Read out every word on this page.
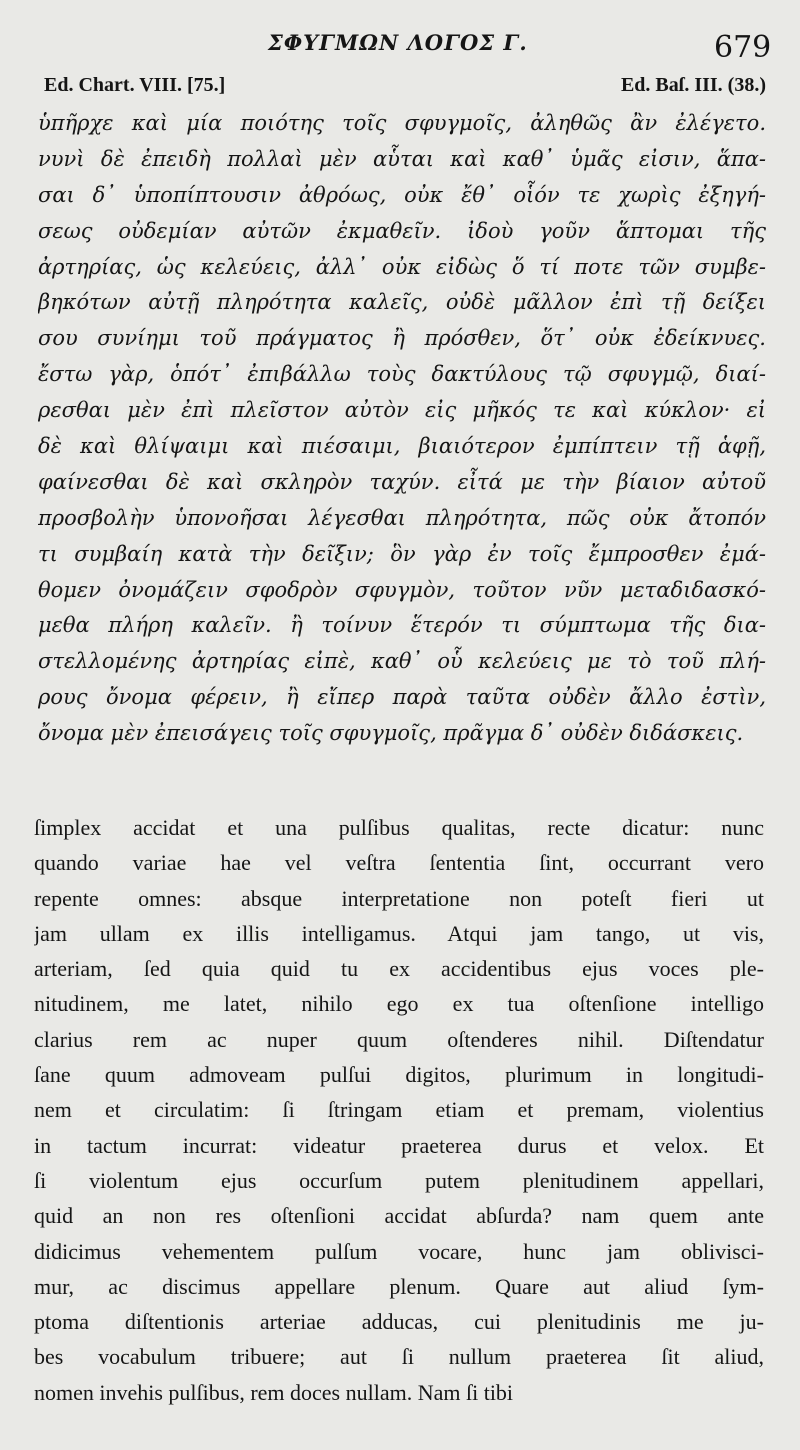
ΣΦΥΓΜΩΝ ΛΟΓΟΣ Γ.	679
Ed. Chart. VIII. [75.]	Ed. Baſ. III. (38.)
ὑπῆρχε καὶ μία ποιότης τοῖς σφυγμοῖς, ἀληθῶς ἂν ἐλέγετο.
νυνὶ δὲ ἐπειδὴ πολλαὶ μὲν αὗται καὶ καθ᾿ ὑμᾶς εἰσιν, ἅπα-
σαι δ᾿ ὑποπίπτουσιν ἀθρόως, οὐκ ἔθ᾿ οἷόν τε χωρὶς ἐξηγή-
σεως οὐδεμίαν αὐτῶν ἐκμαθεῖν. ἰδοὺ γοῦν ἅπτομαι τῆς
ἀρτηρίας, ὡς κελεύεις, ἀλλ᾿ οὐκ εἰδὼς ὅ τί ποτε τῶν συμβε-
βηκότων αὐτῇ πληρότητα καλεῖς, οὐδὲ μᾶλλον ἐπὶ τῇ δείξει
σου συνίημι τοῦ πράγματος ἢ πρόσθεν, ὅτ᾿ οὐκ ἐδείκνυες.
ἔστω γὰρ, ὁπότ᾿ ἐπιβάλλω τοὺς δακτύλους τῷ σφυγμῷ, διαί-
ρεσθαι μὲν ἐπὶ πλεῖστον αὐτὸν εἰς μῆκός τε καὶ κύκλον· εἰ
δὲ καὶ θλίψαιμι καὶ πιέσαιμι, βιαιότερον ἐμπίπτειν τῇ ἁφῇ,
φαίνεσθαι δὲ καὶ σκληρὸν ταχύν. εἶτά με τὴν βίαιον αὐτοῦ
προσβολὴν ὑπονοῆσαι λέγεσθαι πληρότητα, πῶς οὐκ ἄτοπόν
τι συμβαίη κατὰ τὴν δεῖξιν; ὃν γὰρ ἐν τοῖς ἔμπροσθεν ἐμά-
θομεν ὀνομάζειν σφοδρὸν σφυγμὸν, τοῦτον νῦν μεταδιδασκό-
μεθα πλήρη καλεῖν. ἢ τοίνυν ἕτερόν τι σύμπτωμα τῆς δια-
στελλομένης ἀρτηρίας εἰπὲ, καθ᾿ οὗ κελεύεις με τὸ τοῦ πλή-
ρους ὄνομα φέρειν, ἢ εἴπερ παρὰ ταῦτα οὐδὲν ἄλλο ἐστὶν,
ὄνομα μὲν ἐπεισάγεις τοῖς σφυγμοῖς, πρᾶγμα δ᾿ οὐδὲν διδάσκεις.
ſimplex accidat et una pulſibus qualitas, recte dicatur: nunc
quando variae hae vel veſtra ſententia ſint, occurrant vero
repente omnes: absque interpretatione non poteſt fieri ut
jam ullam ex illis intelligamus. Atqui jam tango, ut vis,
arteriam, ſed quia quid tu ex accidentibus ejus voces ple-
nitudinem, me latet, nihilo ego ex tua oſtenſione intelligo
clarius rem ac nuper quum oſtenderes nihil. Diſtendatur
ſane quum admoveam pulſui digitos, plurimum in longitudi-
nem et circulatim: ſi ſtringam etiam et premam, violentius
in tactum incurrat: videatur praeterea durus et velox. Et
ſi violentum ejus occurſum putem plenitudinem appellari,
quid an non res oſtenſioni accidat abſurda? nam quem ante
didicimus vehementem pulſum vocare, hunc jam oblivisci-
mur, ac discimus appellare plenum. Quare aut aliud ſym-
ptoma diſtentionis arteriae adducas, cui plenitudinis me ju-
bes vocabulum tribuere; aut ſi nullum praeterea ſit aliud,
nomen invehis pulſibus, rem doces nullam. Nam ſi tibi
